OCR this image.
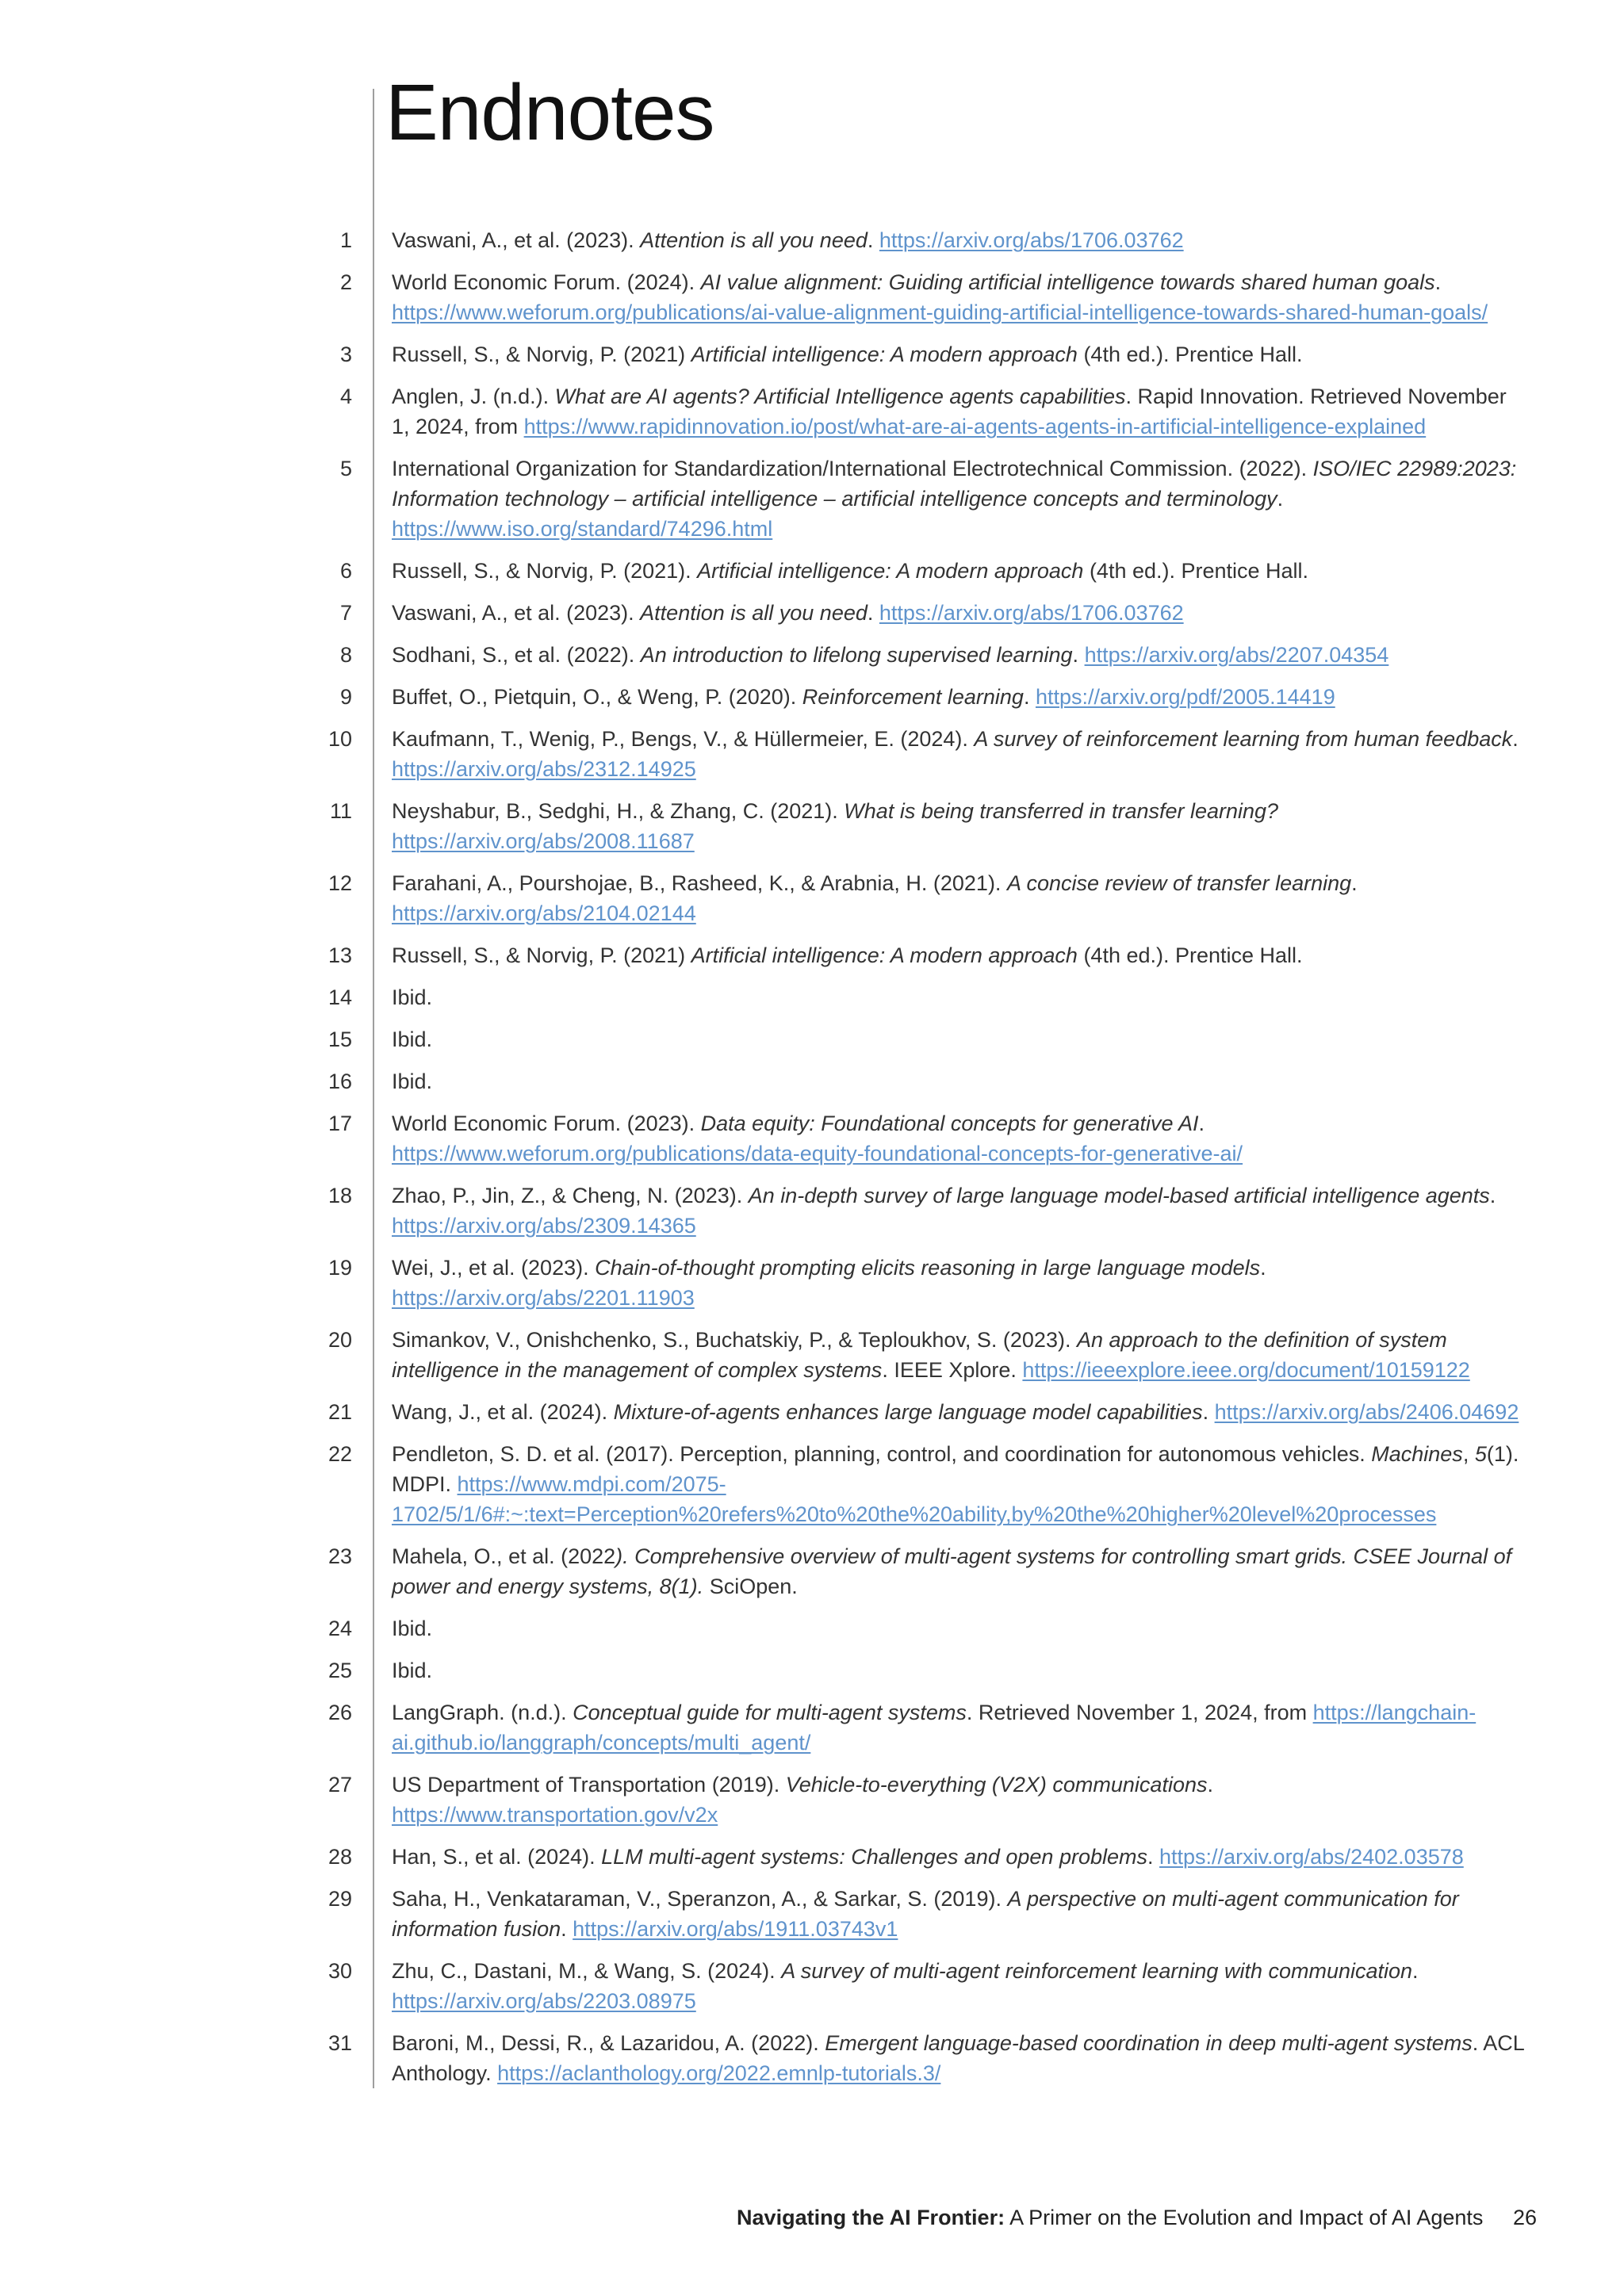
Endnotes
1 Vaswani, A., et al. (2023). Attention is all you need. https://arxiv.org/abs/1706.03762
2 World Economic Forum. (2024). AI value alignment: Guiding artificial intelligence towards shared human goals. https://www.weforum.org/publications/ai-value-alignment-guiding-artificial-intelligence-towards-shared-human-goals/
3 Russell, S., & Norvig, P. (2021) Artificial intelligence: A modern approach (4th ed.). Prentice Hall.
4 Anglen, J. (n.d.). What are AI agents? Artificial Intelligence agents capabilities. Rapid Innovation. Retrieved November 1, 2024, from https://www.rapidinnovation.io/post/what-are-ai-agents-agents-in-artificial-intelligence-explained
5 International Organization for Standardization/International Electrotechnical Commission. (2022). ISO/IEC 22989:2023: Information technology – artificial intelligence – artificial intelligence concepts and terminology. https://www.iso.org/standard/74296.html
6 Russell, S., & Norvig, P. (2021). Artificial intelligence: A modern approach (4th ed.). Prentice Hall.
7 Vaswani, A., et al. (2023). Attention is all you need. https://arxiv.org/abs/1706.03762
8 Sodhani, S., et al. (2022). An introduction to lifelong supervised learning. https://arxiv.org/abs/2207.04354
9 Buffet, O., Pietquin, O., & Weng, P. (2020). Reinforcement learning. https://arxiv.org/pdf/2005.14419
10 Kaufmann, T., Wenig, P., Bengs, V., & Hüllermeier, E. (2024). A survey of reinforcement learning from human feedback. https://arxiv.org/abs/2312.14925
11 Neyshabur, B., Sedghi, H., & Zhang, C. (2021). What is being transferred in transfer learning? https://arxiv.org/abs/2008.11687
12 Farahani, A., Pourshojae, B., Rasheed, K., & Arabnia, H. (2021). A concise review of transfer learning. https://arxiv.org/abs/2104.02144
13 Russell, S., & Norvig, P. (2021) Artificial intelligence: A modern approach (4th ed.). Prentice Hall.
14 Ibid.
15 Ibid.
16 Ibid.
17 World Economic Forum. (2023). Data equity: Foundational concepts for generative AI. https://www.weforum.org/publications/data-equity-foundational-concepts-for-generative-ai/
18 Zhao, P., Jin, Z., & Cheng, N. (2023). An in-depth survey of large language model-based artificial intelligence agents. https://arxiv.org/abs/2309.14365
19 Wei, J., et al. (2023). Chain-of-thought prompting elicits reasoning in large language models. https://arxiv.org/abs/2201.11903
20 Simankov, V., Onishchenko, S., Buchatskiy, P., & Teploukhov, S. (2023). An approach to the definition of system intelligence in the management of complex systems. IEEE Xplore. https://ieeexplore.ieee.org/document/10159122
21 Wang, J., et al. (2024). Mixture-of-agents enhances large language model capabilities. https://arxiv.org/abs/2406.04692
22 Pendleton, S. D. et al. (2017). Perception, planning, control, and coordination for autonomous vehicles. Machines, 5(1). MDPI. https://www.mdpi.com/2075-1702/5/1/6#:~:text=Perception%20refers%20to%20the%20ability,by%20the%20higher%20level%20processes
23 Mahela, O., et al. (2022). Comprehensive overview of multi-agent systems for controlling smart grids. CSEE Journal of power and energy systems, 8(1). SciOpen.
24 Ibid.
25 Ibid.
26 LangGraph. (n.d.). Conceptual guide for multi-agent systems. Retrieved November 1, 2024, from https://langchain-ai.github.io/langgraph/concepts/multi_agent/
27 US Department of Transportation (2019). Vehicle-to-everything (V2X) communications. https://www.transportation.gov/v2x
28 Han, S., et al. (2024). LLM multi-agent systems: Challenges and open problems. https://arxiv.org/abs/2402.03578
29 Saha, H., Venkataraman, V., Speranzon, A., & Sarkar, S. (2019). A perspective on multi-agent communication for information fusion. https://arxiv.org/abs/1911.03743v1
30 Zhu, C., Dastani, M., & Wang, S. (2024). A survey of multi-agent reinforcement learning with communication. https://arxiv.org/abs/2203.08975
31 Baroni, M., Dessi, R., & Lazaridou, A. (2022). Emergent language-based coordination in deep multi-agent systems. ACL Anthology. https://aclanthology.org/2022.emnlp-tutorials.3/
Navigating the AI Frontier: A Primer on the Evolution and Impact of AI Agents 26
